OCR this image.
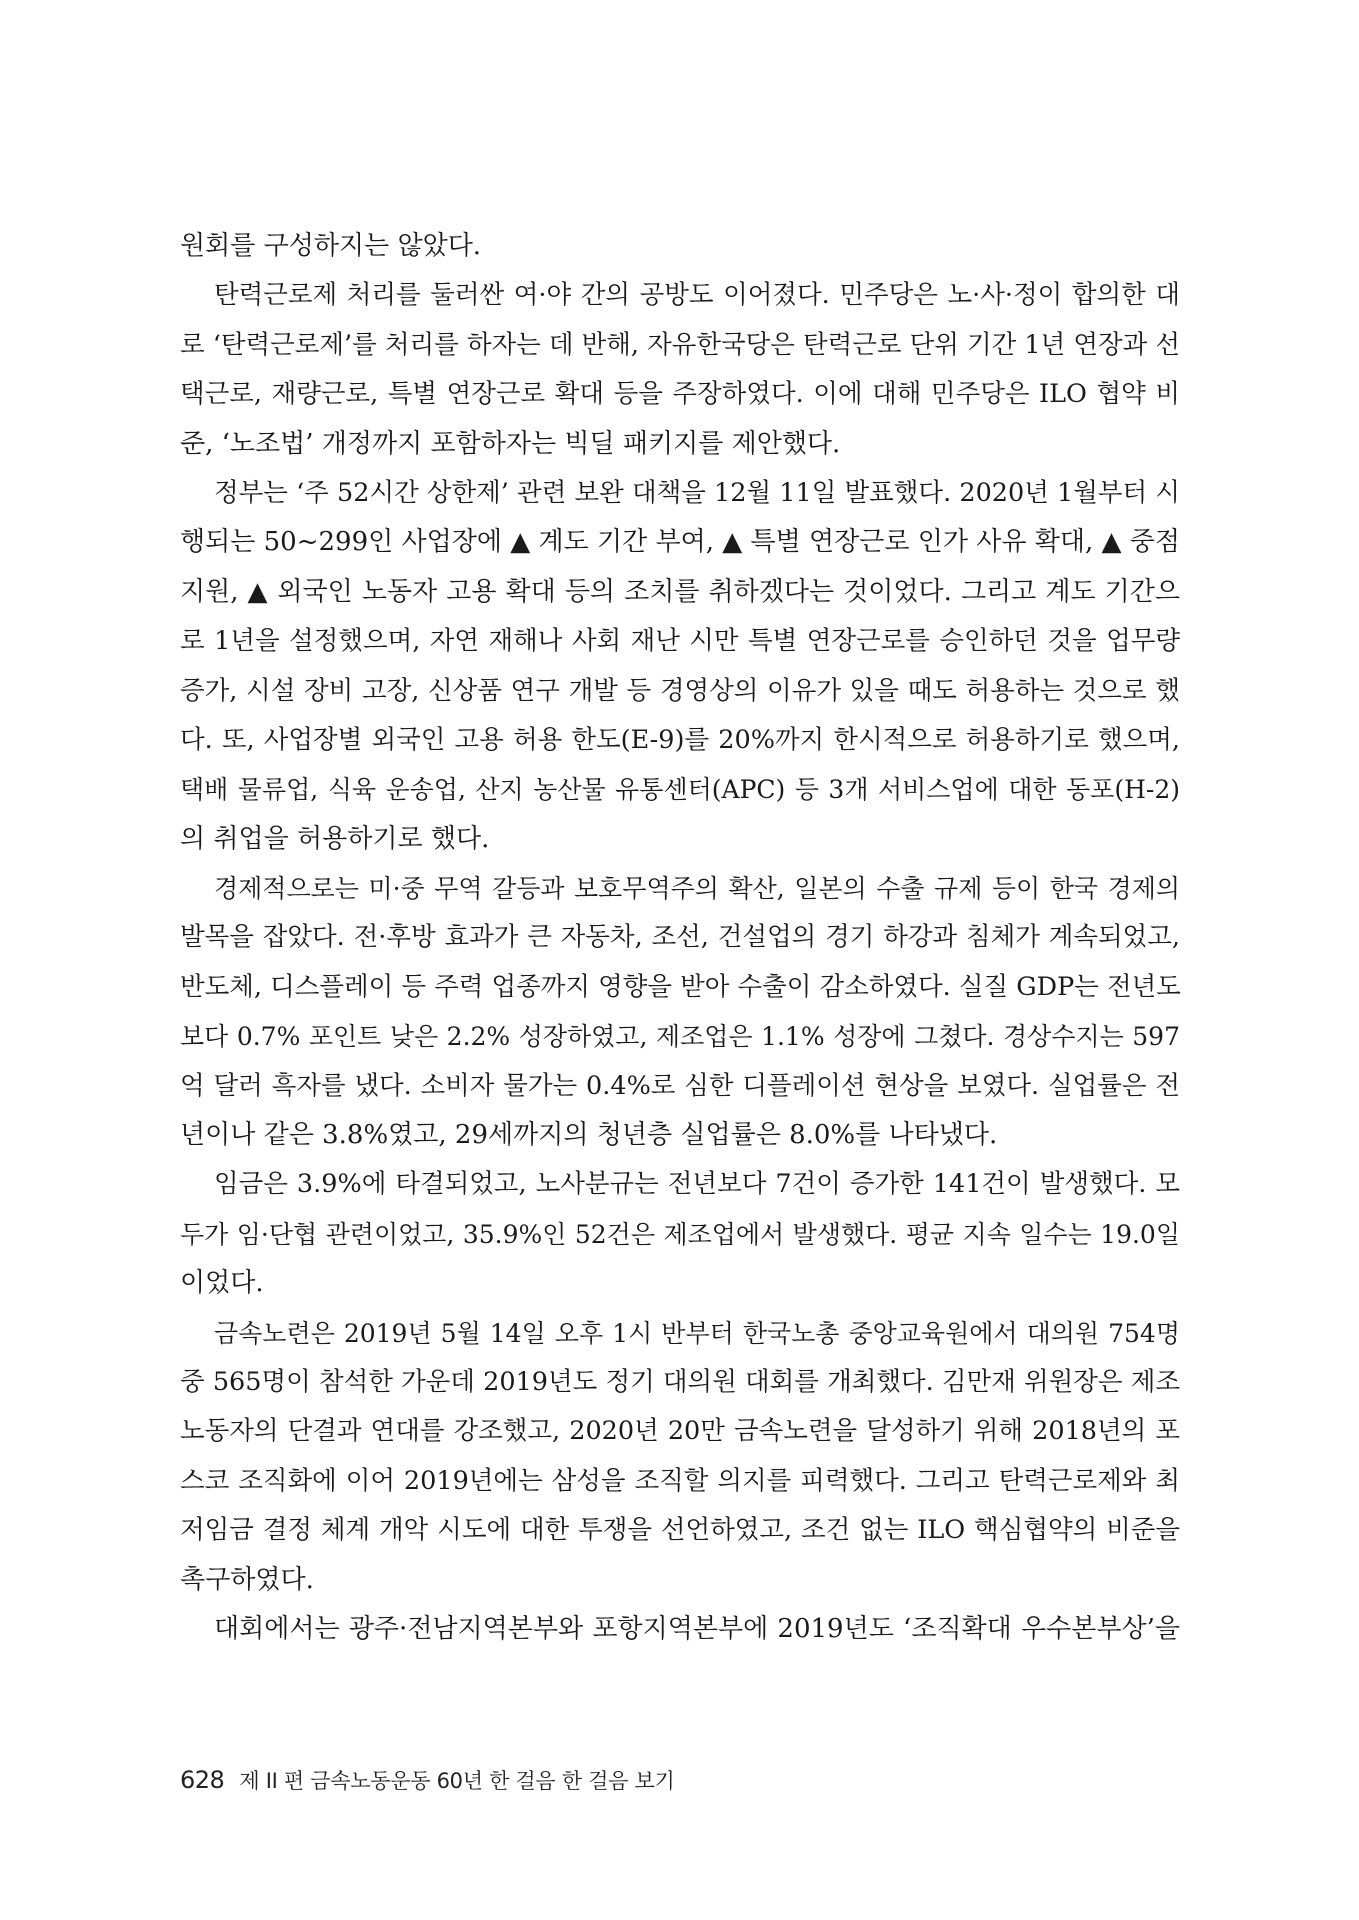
원회를 구성하지는 않았다.
탄력근로제 처리를 둘러싼 여·야 간의 공방도 이어졌다. 민주당은 노·사·정이 합의한 대
로 ‘탄력근로제’를 처리를 하자는 데 반해, 자유한국당은 탄력근로 단위 기간 1년 연장과 선
택근로, 재량근로, 특별 연장근로 확대 등을 주장하였다. 이에 대해 민주당은 ILO 협약 비
준, ‘노조법’ 개정까지 포함하자는 빅딜 패키지를 제안했다.
정부는 ‘주 52시간 상한제’ 관련 보완 대책을 12월 11일 발표했다. 2020년 1월부터 시
행되는 50~299인 사업장에 ▲ 계도 기간 부여, ▲ 특별 연장근로 인가 사유 확대, ▲ 중점
지원, ▲ 외국인 노동자 고용 확대 등의 조치를 취하겠다는 것이었다. 그리고 계도 기간으
로 1년을 설정했으며, 자연 재해나 사회 재난 시만 특별 연장근로를 승인하던 것을 업무량
증가, 시설 장비 고장, 신상품 연구 개발 등 경영상의 이유가 있을 때도 허용하는 것으로 했
다. 또, 사업장별 외국인 고용 허용 한도(E-9)를 20%까지 한시적으로 허용하기로 했으며,
택배 물류업, 식육 운송업, 산지 농산물 유통센터(APC) 등 3개 서비스업에 대한 동포(H-2)
의 취업을 허용하기로 했다.
경제적으로는 미·중 무역 갈등과 보호무역주의 확산, 일본의 수출 규제 등이 한국 경제의
발목을 잡았다. 전·후방 효과가 큰 자동차, 조선, 건설업의 경기 하강과 침체가 계속되었고,
반도체, 디스플레이 등 주력 업종까지 영향을 받아 수출이 감소하였다. 실질 GDP는 전년도
보다 0.7% 포인트 낮은 2.2% 성장하였고, 제조업은 1.1% 성장에 그쳤다. 경상수지는 597
억 달러 흑자를 냈다. 소비자 물가는 0.4%로 심한 디플레이션 현상을 보였다. 실업률은 전
년이나 같은 3.8%였고, 29세까지의 청년층 실업률은 8.0%를 나타냈다.
임금은 3.9%에 타결되었고, 노사분규는 전년보다 7건이 증가한 141건이 발생했다. 모
두가 임·단협 관련이었고, 35.9%인 52건은 제조업에서 발생했다. 평균 지속 일수는 19.0일
이었다.
금속노련은 2019년 5월 14일 오후 1시 반부터 한국노총 중앙교육원에서 대의원 754명
중 565명이 참석한 가운데 2019년도 정기 대의원 대회를 개최했다. 김만재 위원장은 제조
노동자의 단결과 연대를 강조했고, 2020년 20만 금속노련을 달성하기 위해 2018년의 포
스코 조직화에 이어 2019년에는 삼성을 조직할 의지를 피력했다. 그리고 탄력근로제와 최
저임금 결정 체계 개악 시도에 대한 투쟁을 선언하였고, 조건 없는 ILO 핵심협약의 비준을
촉구하였다.
대회에서는 광주·전남지역본부와 포항지역본부에 2019년도 ‘조직확대 우수본부상’을
628 제 II 편 금속노동운동 60년 한 걸음 한 걸음 보기
